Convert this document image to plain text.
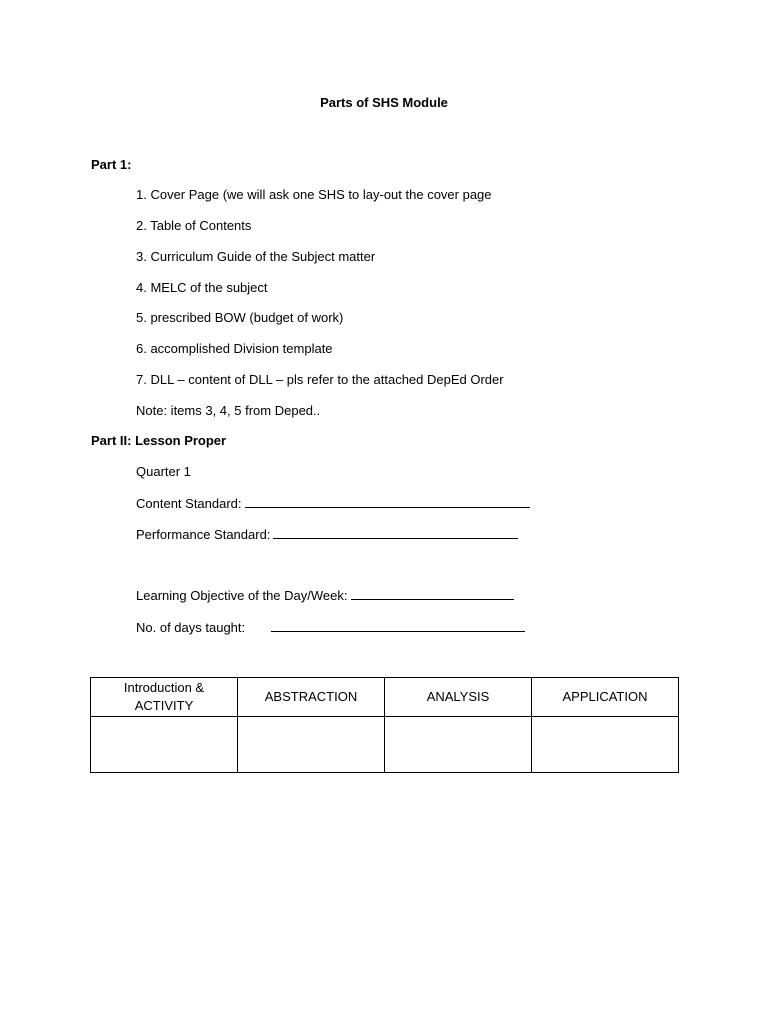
Parts of SHS Module
Part 1:
1. Cover Page (we will ask one SHS to lay-out the cover page
2. Table of Contents
3. Curriculum Guide of the Subject matter
4. MELC of the subject
5. prescribed BOW (budget of work)
6. accomplished Division template
7. DLL – content of DLL – pls refer to the attached DepEd Order
Note: items 3, 4, 5 from Deped..
Part II: Lesson Proper
Quarter 1
Content Standard:
Performance Standard:
Learning Objective of the Day/Week:
No. of days taught:
Introduction & ACTIVITY	ABSTRACTION	ANALYSIS	APPLICATION
